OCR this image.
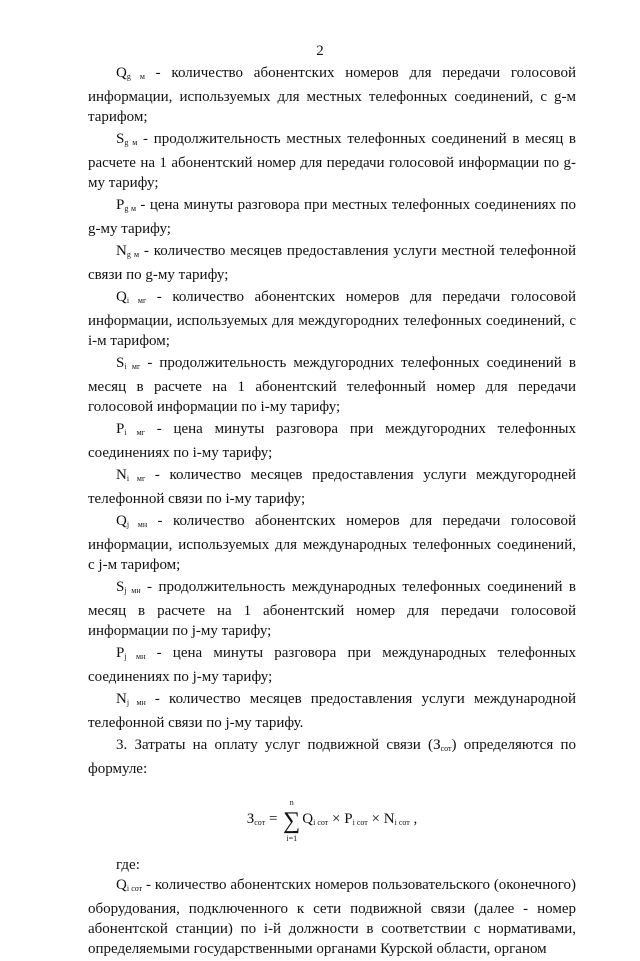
2

$Q_{g м}$ - количество абонентских номеров для передачи голосовой информации, используемых для местных телефонных соединений, с g-м тарифом;

$S_{g м}$ - продолжительность местных телефонных соединений в месяц в расчете на 1 абонентский номер для передачи голосовой информации по g-му тарифу;

$P_{g м}$ - цена минуты разговора при местных телефонных соединениях по g-му тарифу;

$N_{g м}$ - количество месяцев предоставления услуги местной телефонной связи по g-му тарифу;

$Q_{i мг}$ - количество абонентских номеров для передачи голосовой информации, используемых для междугородних телефонных соединений, с i-м тарифом;

$S_{i мг}$ - продолжительность междугородних телефонных соединений в месяц в расчете на 1 абонентский телефонный номер для передачи голосовой информации по i-му тарифу;

$P_{i мг}$ - цена минуты разговора при междугородних телефонных соединениях по i-му тарифу;

$N_{i мг}$ - количество месяцев предоставления услуги междугородней телефонной связи по i-му тарифу;

$Q_{j мн}$ - количество абонентских номеров для передачи голосовой информации, используемых для международных телефонных соединений, с j-м тарифом;

$S_{j мн}$ - продолжительность международных телефонных соединений в месяц в расчете на 1 абонентский номер для передачи голосовой информации по j-му тарифу;

$P_{j мн}$ - цена минуты разговора при международных телефонных соединениях по j-му тарифу;

$N_{j мн}$ - количество месяцев предоставления услуги международной телефонной связи по j-му тарифу.

3. Затраты на оплату услуг подвижной связи $(З_{сот})$ определяются по формуле:

$З_{сот}$ = ∑
n
i=1
$Q_{i сот} \times P_{i сот} \times N_{i сот}$ ,

где:

$Q_{i сот}$ - количество абонентских номеров пользовательского (оконечного) оборудования, подключенного к сети подвижной связи (далее - номер абонентской станции) по i-й должности в соответствии с нормативами, определяемыми государственными органами Курской области, органом
